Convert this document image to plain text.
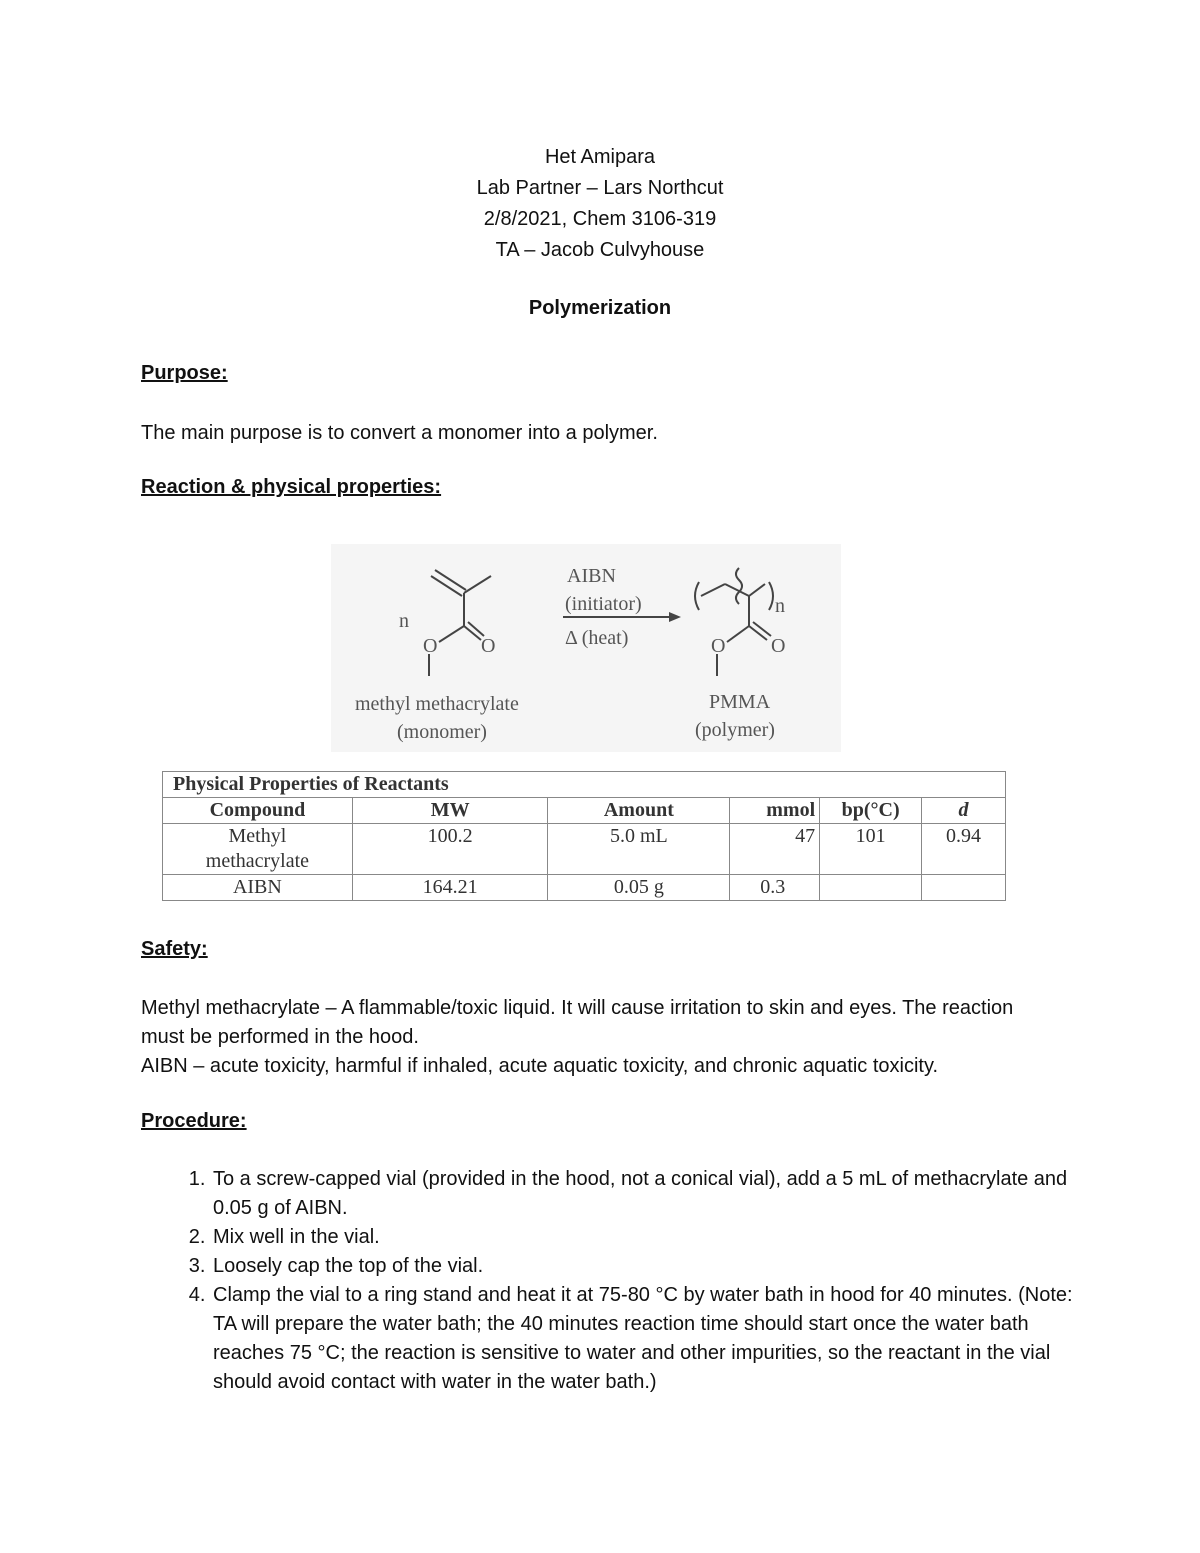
Het Amipara
Lab Partner – Lars Northcut
2/8/2021, Chem 3106-319
TA – Jacob Culvyhouse
Polymerization
Purpose:
The main purpose is to convert a monomer into a polymer.
Reaction & physical properties:
n
O O
methyl methacrylate
(monomer)
AIBN
(initiator)
Δ (heat)
n
O O
PMMA
(polymer)
Physical Properties of Reactants					
Compound	MW	Amount	mmol	bp(°C)	d

Methyl
methacrylate	100.2	5.0 mL	47	101	0.94
AIBN	164.21	0.05 g	0.3		
Safety:
Methyl methacrylate – A flammable/toxic liquid. It will cause irritation to skin and eyes. The reaction must be performed in the hood.
AIBN – acute toxicity, harmful if inhaled, acute aquatic toxicity, and chronic aquatic toxicity.
Procedure:
1. To a screw-capped vial (provided in the hood, not a conical vial), add a 5 mL of methacrylate and 0.05 g of AIBN.
2. Mix well in the vial.
3. Loosely cap the top of the vial.
4. Clamp the vial to a ring stand and heat it at 75-80 °C by water bath in hood for 40 minutes. (Note: TA will prepare the water bath; the 40 minutes reaction time should start once the water bath reaches 75 °C; the reaction is sensitive to water and other impurities, so the reactant in the vial should avoid contact with water in the water bath.)
